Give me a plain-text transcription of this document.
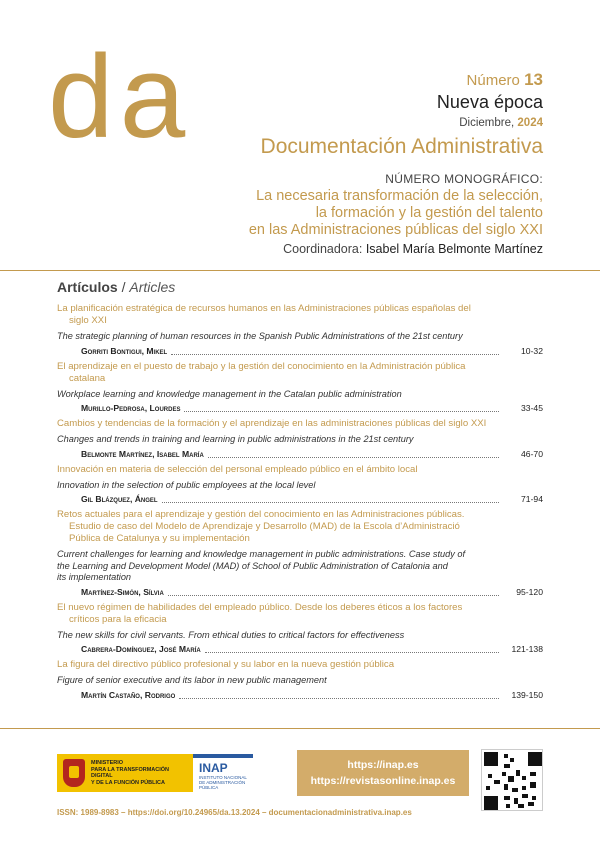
da	Número 13
Nueva época
Diciembre, 2024
Documentación Administrativa
NÚMERO MONOGRÁFICO:
La necesaria transformación de la selección,
la formación y la gestión del talento
en las Administraciones públicas del siglo XXI
Coordinadora: Isabel María Belmonte Martínez
Artículos / Articles
La planificación estratégica de recursos humanos en las Administraciones públicas españolas del
siglo XXI
The strategic planning of human resources in the Spanish Public Administrations of the 21st century
Gorriti Bontigui, Mikel	10-32
El aprendizaje en el puesto de trabajo y la gestión del conocimiento en la Administración pública
catalana
Workplace learning and knowledge management in the Catalan public administration
Murillo-Pedrosa, Lourdes	33-45
Cambios y tendencias de la formación y el aprendizaje en las administraciones públicas del siglo XXI
Changes and trends in training and learning in public administrations in the 21st century
Belmonte Martínez, Isabel María	46-70
Innovación en materia de selección del personal empleado público en el ámbito local
Innovation in the selection of public employees at the local level
Gil Blázquez, Ángel	71-94
Retos actuales para el aprendizaje y gestión del conocimiento en las Administraciones públicas.
Estudio de caso del Modelo de Aprendizaje y Desarrollo (MAD) de la Escola d’Administració
Pública de Catalunya y su implementación
Current challenges for learning and knowledge management in public administrations. Case study of
the Learning and Development Model (MAD) of School of Public Administration of Catalonia and
its implementation
Martínez-Simón, Sílvia	95-120
El nuevo régimen de habilidades del empleado público. Desde los deberes éticos a los factores
críticos para la eficacia
The new skills for civil servants. From ethical duties to critical factors for effectiveness
Cabrera-Domínguez, José María	121-138
La figura del directivo público profesional y su labor en la nueva gestión pública
Figure of senior executive and its labor in new public management
Martín Castaño, Rodrigo	139-150
MINISTERIO
PARA LA TRANSFORMACIÓN DIGITAL
Y DE LA FUNCIÓN PÚBLICA
INAP
INSTITUTO NACIONAL
DE ADMINISTRACIÓN PÚBLICA
https://inap.es
https://revistasonline.inap.es
ISSN: 1989-8983 – https://doi.org/10.24965/da.13.2024 – documentacionadministrativa.inap.es
